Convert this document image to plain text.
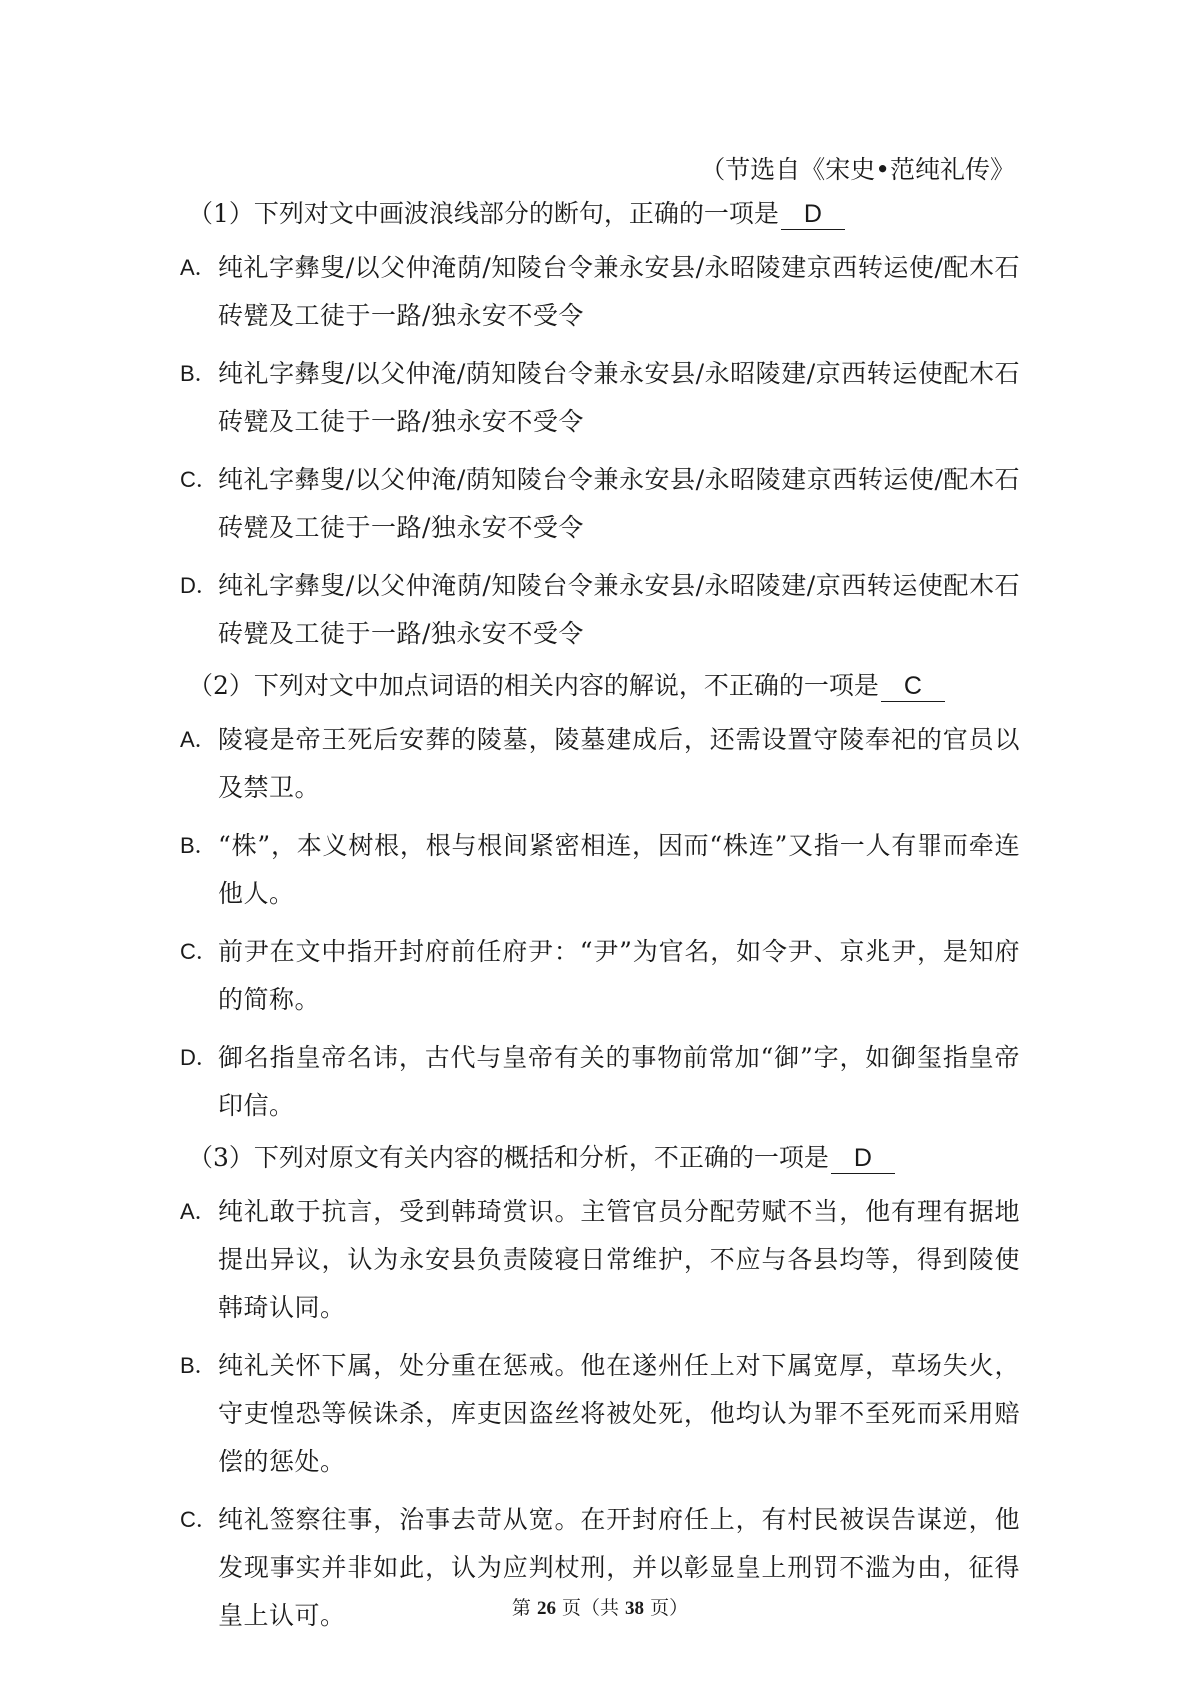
（节选自《宋史•范纯礼传》
（1）下列对文中画波浪线部分的断句，正确的一项是 D
A． 纯礼字彝叟/以父仲淹荫/知陵台令兼永安县/永昭陵建京西转运使/配木石砖甓及工徒于一路/独永安不受令
B． 纯礼字彝叟/以父仲淹/荫知陵台令兼永安县/永昭陵建/京西转运使配木石砖甓及工徒于一路/独永安不受令
C． 纯礼字彝叟/以父仲淹/荫知陵台令兼永安县/永昭陵建京西转运使/配木石砖甓及工徒于一路/独永安不受令
D． 纯礼字彝叟/以父仲淹荫/知陵台令兼永安县/永昭陵建/京西转运使配木石砖甓及工徒于一路/独永安不受令
（2）下列对文中加点词语的相关内容的解说，不正确的一项是 C
A． 陵寝是帝王死后安葬的陵墓，陵墓建成后，还需设置守陵奉祀的官员以及禁卫。
B． “株”，本义树根，根与根间紧密相连，因而“株连”又指一人有罪而牵连他人。
C． 前尹在文中指开封府前任府尹：“尹”为官名，如令尹、京兆尹，是知府的简称。
D． 御名指皇帝名讳，古代与皇帝有关的事物前常加“御”字，如御玺指皇帝印信。
（3）下列对原文有关内容的概括和分析，不正确的一项是 D
A． 纯礼敢于抗言，受到韩琦赏识。主管官员分配劳赋不当，他有理有据地提出异议，认为永安县负责陵寝日常维护，不应与各县均等，得到陵使韩琦认同。
B． 纯礼关怀下属，处分重在惩戒。他在遂州任上对下属宽厚，草场失火，守吏惶恐等候诛杀，库吏因盗丝将被处死，他均认为罪不至死而采用赔偿的惩处。
C． 纯礼签察往事，治事去苛从宽。在开封府任上，有村民被误告谋逆，他发现事实并非如此，认为应判杖刑，并以彰显皇上刑罚不滥为由，征得皇上认可。	第 26 页（共 38 页）
